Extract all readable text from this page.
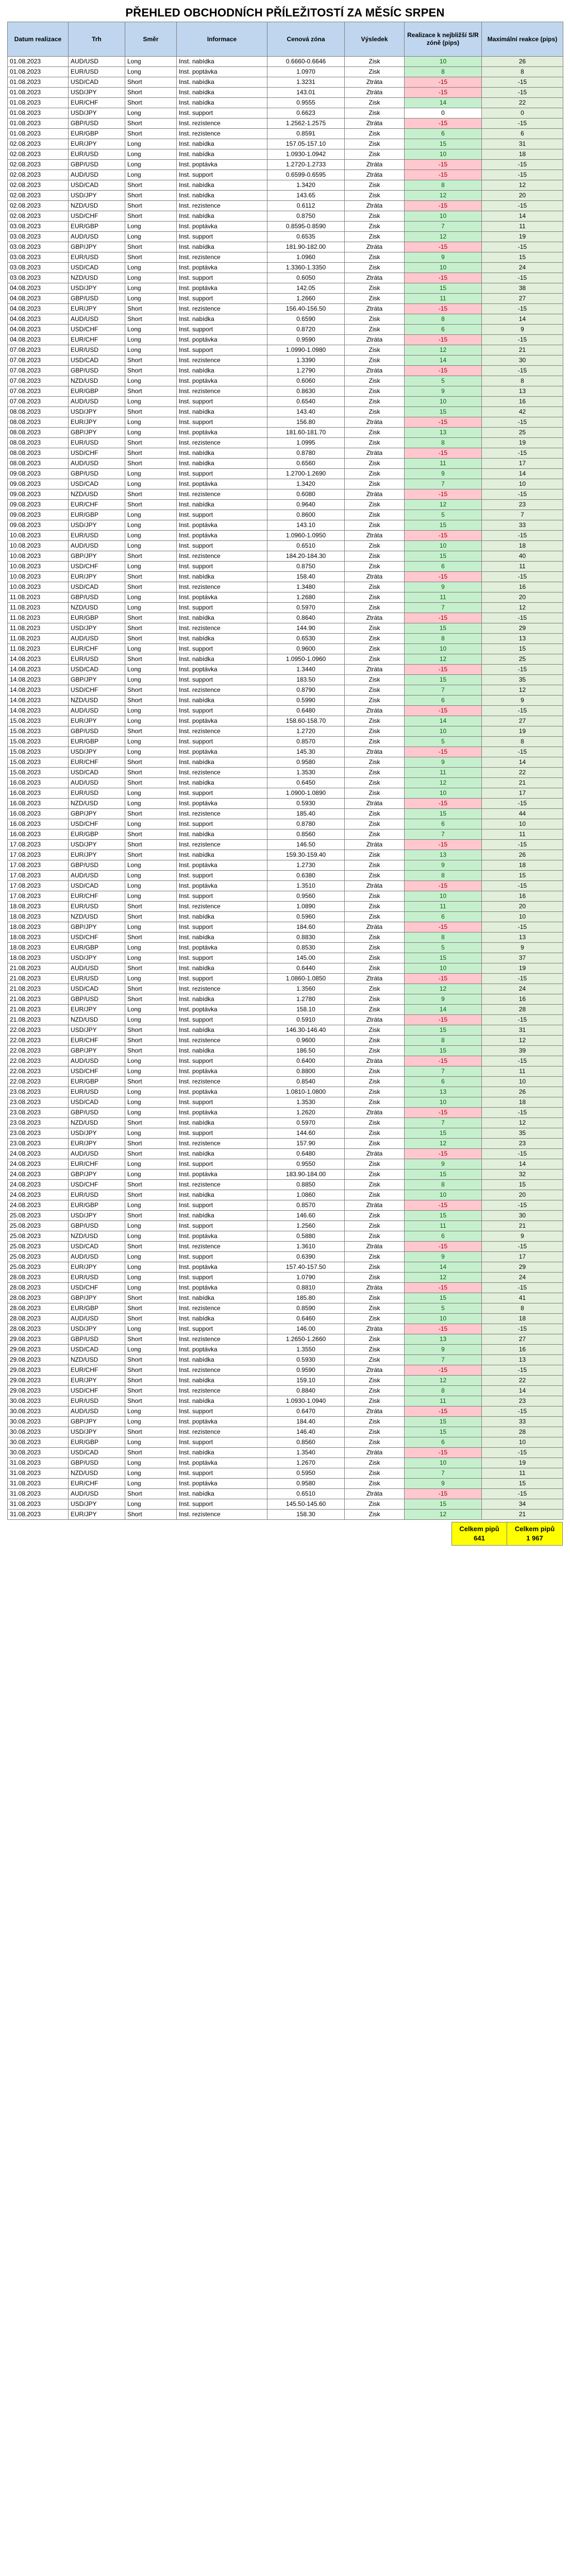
PŘEHLED OBCHODNÍCH PŘÍLEŽITOSTÍ ZA MĚSÍC SRPEN
Datum realizace	Trh	Směr	Informace	Cenová zóna	Výsledek	Realizace k nejbližší S/R zóně (pips)	Maximální reakce (pips)
01.08.2023	AUD/USD	Long	Inst. nabídka	0.6660-0.6646	Zisk	10	26
01.08.2023	EUR/USD	Long	Inst. poptávka	1.0970	Zisk	8	8
01.08.2023	USD/CAD	Short	Inst. nabídka	1.3231	Ztráta	-15	-15
01.08.2023	USD/JPY	Short	Inst. nabídka	143.01	Ztráta	-15	-15
01.08.2023	EUR/CHF	Short	Inst. nabídka	0.9555	Zisk	14	22
01.08.2023	USD/JPY	Long	Inst. support	0.6623	Zisk	0	0
01.08.2023	GBP/USD	Short	Inst. rezistence	1.2562-1.2575	Ztráta	-15	-15
01.08.2023	EUR/GBP	Short	Inst. rezistence	0.8591	Zisk	6	6
02.08.2023	EUR/JPY	Long	Inst. nabídka	157.05-157.10	Zisk	15	31
02.08.2023	EUR/USD	Long	Inst. nabídka	1.0930-1.0942	Zisk	10	18
02.08.2023	GBP/USD	Long	Inst. poptávka	1.2720-1.2733	Ztráta	-15	-15
02.08.2023	AUD/USD	Long	Inst. support	0.6599-0.6595	Ztráta	-15	-15
02.08.2023	USD/CAD	Short	Inst. nabídka	1.3420	Zisk	8	12
02.08.2023	USD/JPY	Short	Inst. nabídka	143.65	Zisk	12	20
02.08.2023	NZD/USD	Short	Inst. rezistence	0.6112	Ztráta	-15	-15
02.08.2023	USD/CHF	Short	Inst. nabídka	0.8750	Zisk	10	14
03.08.2023	EUR/GBP	Long	Inst. poptávka	0.8595-0.8590	Zisk	7	11
03.08.2023	AUD/USD	Long	Inst. support	0.6535	Zisk	12	19
03.08.2023	GBP/JPY	Short	Inst. nabídka	181.90-182.00	Ztráta	-15	-15
03.08.2023	EUR/USD	Short	Inst. rezistence	1.0960	Zisk	9	15
03.08.2023	USD/CAD	Long	Inst. poptávka	1.3360-1.3350	Zisk	10	24
03.08.2023	NZD/USD	Long	Inst. support	0.6050	Ztráta	-15	-15
04.08.2023	USD/JPY	Long	Inst. poptávka	142.05	Zisk	15	38
04.08.2023	GBP/USD	Long	Inst. support	1.2660	Zisk	11	27
04.08.2023	EUR/JPY	Short	Inst. rezistence	156.40-156.50	Ztráta	-15	-15
04.08.2023	AUD/USD	Short	Inst. nabídka	0.6590	Zisk	8	14
04.08.2023	USD/CHF	Long	Inst. support	0.8720	Zisk	6	9
04.08.2023	EUR/CHF	Long	Inst. poptávka	0.9590	Ztráta	-15	-15
07.08.2023	EUR/USD	Long	Inst. support	1.0990-1.0980	Zisk	12	21
07.08.2023	USD/CAD	Short	Inst. rezistence	1.3390	Zisk	14	30
07.08.2023	GBP/USD	Short	Inst. nabídka	1.2790	Ztráta	-15	-15
07.08.2023	NZD/USD	Long	Inst. poptávka	0.6060	Zisk	5	8
07.08.2023	EUR/GBP	Short	Inst. rezistence	0.8630	Zisk	9	13
07.08.2023	AUD/USD	Long	Inst. support	0.6540	Zisk	10	16
08.08.2023	USD/JPY	Short	Inst. nabídka	143.40	Zisk	15	42
08.08.2023	EUR/JPY	Long	Inst. support	156.80	Ztráta	-15	-15
08.08.2023	GBP/JPY	Long	Inst. poptávka	181.60-181.70	Zisk	13	25
08.08.2023	EUR/USD	Short	Inst. rezistence	1.0995	Zisk	8	19
08.08.2023	USD/CHF	Short	Inst. nabídka	0.8780	Ztráta	-15	-15
08.08.2023	AUD/USD	Short	Inst. nabídka	0.6560	Zisk	11	17
09.08.2023	GBP/USD	Long	Inst. support	1.2700-1.2690	Zisk	9	14
09.08.2023	USD/CAD	Long	Inst. poptávka	1.3420	Zisk	7	10
09.08.2023	NZD/USD	Short	Inst. rezistence	0.6080	Ztráta	-15	-15
09.08.2023	EUR/CHF	Short	Inst. nabídka	0.9640	Zisk	12	23
09.08.2023	EUR/GBP	Long	Inst. support	0.8600	Zisk	5	7
09.08.2023	USD/JPY	Long	Inst. poptávka	143.10	Zisk	15	33
10.08.2023	EUR/USD	Long	Inst. poptávka	1.0960-1.0950	Ztráta	-15	-15
10.08.2023	AUD/USD	Long	Inst. support	0.6510	Zisk	10	18
10.08.2023	GBP/JPY	Short	Inst. rezistence	184.20-184.30	Zisk	15	40
10.08.2023	USD/CHF	Long	Inst. support	0.8750	Zisk	6	11
10.08.2023	EUR/JPY	Short	Inst. nabídka	158.40	Ztráta	-15	-15
10.08.2023	USD/CAD	Short	Inst. rezistence	1.3480	Zisk	9	16
11.08.2023	GBP/USD	Long	Inst. poptávka	1.2680	Zisk	11	20
11.08.2023	NZD/USD	Long	Inst. support	0.5970	Zisk	7	12
11.08.2023	EUR/GBP	Short	Inst. nabídka	0.8640	Ztráta	-15	-15
11.08.2023	USD/JPY	Short	Inst. rezistence	144.90	Zisk	15	29
11.08.2023	AUD/USD	Short	Inst. nabídka	0.6530	Zisk	8	13
11.08.2023	EUR/CHF	Long	Inst. support	0.9600	Zisk	10	15
14.08.2023	EUR/USD	Short	Inst. nabídka	1.0950-1.0960	Zisk	12	25
14.08.2023	USD/CAD	Long	Inst. poptávka	1.3440	Ztráta	-15	-15
14.08.2023	GBP/JPY	Long	Inst. support	183.50	Zisk	15	35
14.08.2023	USD/CHF	Short	Inst. rezistence	0.8790	Zisk	7	12
14.08.2023	NZD/USD	Short	Inst. nabídka	0.5990	Zisk	6	9
14.08.2023	AUD/USD	Long	Inst. support	0.6480	Ztráta	-15	-15
15.08.2023	EUR/JPY	Long	Inst. poptávka	158.60-158.70	Zisk	14	27
15.08.2023	GBP/USD	Short	Inst. rezistence	1.2720	Zisk	10	19
15.08.2023	EUR/GBP	Long	Inst. support	0.8570	Zisk	5	8
15.08.2023	USD/JPY	Long	Inst. poptávka	145.30	Ztráta	-15	-15
15.08.2023	EUR/CHF	Short	Inst. nabídka	0.9580	Zisk	9	14
15.08.2023	USD/CAD	Short	Inst. rezistence	1.3530	Zisk	11	22
16.08.2023	AUD/USD	Short	Inst. nabídka	0.6450	Zisk	12	21
16.08.2023	EUR/USD	Long	Inst. support	1.0900-1.0890	Zisk	10	17
16.08.2023	NZD/USD	Long	Inst. poptávka	0.5930	Ztráta	-15	-15
16.08.2023	GBP/JPY	Short	Inst. rezistence	185.40	Zisk	15	44
16.08.2023	USD/CHF	Long	Inst. support	0.8780	Zisk	6	10
16.08.2023	EUR/GBP	Short	Inst. nabídka	0.8560	Zisk	7	11
17.08.2023	USD/JPY	Short	Inst. rezistence	146.50	Ztráta	-15	-15
17.08.2023	EUR/JPY	Short	Inst. nabídka	159.30-159.40	Zisk	13	26
17.08.2023	GBP/USD	Long	Inst. poptávka	1.2730	Zisk	9	18
17.08.2023	AUD/USD	Long	Inst. support	0.6380	Zisk	8	15
17.08.2023	USD/CAD	Long	Inst. poptávka	1.3510	Ztráta	-15	-15
17.08.2023	EUR/CHF	Long	Inst. support	0.9560	Zisk	10	16
18.08.2023	EUR/USD	Short	Inst. rezistence	1.0890	Zisk	11	20
18.08.2023	NZD/USD	Short	Inst. nabídka	0.5960	Zisk	6	10
18.08.2023	GBP/JPY	Long	Inst. support	184.60	Ztráta	-15	-15
18.08.2023	USD/CHF	Short	Inst. nabídka	0.8830	Zisk	8	13
18.08.2023	EUR/GBP	Long	Inst. poptávka	0.8530	Zisk	5	9
18.08.2023	USD/JPY	Long	Inst. support	145.00	Zisk	15	37
21.08.2023	AUD/USD	Short	Inst. nabídka	0.6440	Zisk	10	19
21.08.2023	EUR/USD	Long	Inst. support	1.0860-1.0850	Ztráta	-15	-15
21.08.2023	USD/CAD	Short	Inst. rezistence	1.3560	Zisk	12	24
21.08.2023	GBP/USD	Short	Inst. nabídka	1.2780	Zisk	9	16
21.08.2023	EUR/JPY	Long	Inst. poptávka	158.10	Zisk	14	28
21.08.2023	NZD/USD	Long	Inst. support	0.5910	Ztráta	-15	-15
22.08.2023	USD/JPY	Short	Inst. nabídka	146.30-146.40	Zisk	15	31
22.08.2023	EUR/CHF	Short	Inst. rezistence	0.9600	Zisk	8	12
22.08.2023	GBP/JPY	Short	Inst. nabídka	186.50	Zisk	15	39
22.08.2023	AUD/USD	Long	Inst. support	0.6400	Ztráta	-15	-15
22.08.2023	USD/CHF	Long	Inst. poptávka	0.8800	Zisk	7	11
22.08.2023	EUR/GBP	Short	Inst. rezistence	0.8540	Zisk	6	10
23.08.2023	EUR/USD	Long	Inst. poptávka	1.0810-1.0800	Zisk	13	26
23.08.2023	USD/CAD	Long	Inst. support	1.3530	Zisk	10	18
23.08.2023	GBP/USD	Long	Inst. poptávka	1.2620	Ztráta	-15	-15
23.08.2023	NZD/USD	Short	Inst. nabídka	0.5970	Zisk	7	12
23.08.2023	USD/JPY	Long	Inst. support	144.60	Zisk	15	35
23.08.2023	EUR/JPY	Short	Inst. rezistence	157.90	Zisk	12	23
24.08.2023	AUD/USD	Short	Inst. nabídka	0.6480	Ztráta	-15	-15
24.08.2023	EUR/CHF	Long	Inst. support	0.9550	Zisk	9	14
24.08.2023	GBP/JPY	Long	Inst. poptávka	183.90-184.00	Zisk	15	32
24.08.2023	USD/CHF	Short	Inst. rezistence	0.8850	Zisk	8	15
24.08.2023	EUR/USD	Short	Inst. nabídka	1.0860	Zisk	10	20
24.08.2023	EUR/GBP	Long	Inst. support	0.8570	Ztráta	-15	-15
25.08.2023	USD/JPY	Short	Inst. nabídka	146.60	Zisk	15	30
25.08.2023	GBP/USD	Long	Inst. support	1.2560	Zisk	11	21
25.08.2023	NZD/USD	Long	Inst. poptávka	0.5880	Zisk	6	9
25.08.2023	USD/CAD	Short	Inst. rezistence	1.3610	Ztráta	-15	-15
25.08.2023	AUD/USD	Long	Inst. support	0.6390	Zisk	9	17
25.08.2023	EUR/JPY	Long	Inst. poptávka	157.40-157.50	Zisk	14	29
28.08.2023	EUR/USD	Long	Inst. support	1.0790	Zisk	12	24
28.08.2023	USD/CHF	Long	Inst. poptávka	0.8810	Ztráta	-15	-15
28.08.2023	GBP/JPY	Short	Inst. nabídka	185.80	Zisk	15	41
28.08.2023	EUR/GBP	Short	Inst. rezistence	0.8590	Zisk	5	8
28.08.2023	AUD/USD	Short	Inst. nabídka	0.6460	Zisk	10	18
28.08.2023	USD/JPY	Long	Inst. support	146.00	Ztráta	-15	-15
29.08.2023	GBP/USD	Short	Inst. rezistence	1.2650-1.2660	Zisk	13	27
29.08.2023	USD/CAD	Long	Inst. poptávka	1.3550	Zisk	9	16
29.08.2023	NZD/USD	Short	Inst. nabídka	0.5930	Zisk	7	13
29.08.2023	EUR/CHF	Short	Inst. rezistence	0.9590	Ztráta	-15	-15
29.08.2023	EUR/JPY	Short	Inst. nabídka	159.10	Zisk	12	22
29.08.2023	USD/CHF	Short	Inst. rezistence	0.8840	Zisk	8	14
30.08.2023	EUR/USD	Short	Inst. nabídka	1.0930-1.0940	Zisk	11	23
30.08.2023	AUD/USD	Long	Inst. support	0.6470	Ztráta	-15	-15
30.08.2023	GBP/JPY	Long	Inst. poptávka	184.40	Zisk	15	33
30.08.2023	USD/JPY	Short	Inst. rezistence	146.40	Zisk	15	28
30.08.2023	EUR/GBP	Long	Inst. support	0.8560	Zisk	6	10
30.08.2023	USD/CAD	Short	Inst. nabídka	1.3540	Ztráta	-15	-15
31.08.2023	GBP/USD	Long	Inst. poptávka	1.2670	Zisk	10	19
31.08.2023	NZD/USD	Long	Inst. support	0.5950	Zisk	7	11
31.08.2023	EUR/CHF	Long	Inst. poptávka	0.9580	Zisk	9	15
31.08.2023	AUD/USD	Short	Inst. nabídka	0.6510	Ztráta	-15	-15
31.08.2023	USD/JPY	Long	Inst. support	145.50-145.60	Zisk	15	34
31.08.2023	EUR/JPY	Short	Inst. rezistence	158.30	Zisk	12	21
Celkem pipů
641
Celkem pipů
1 967
